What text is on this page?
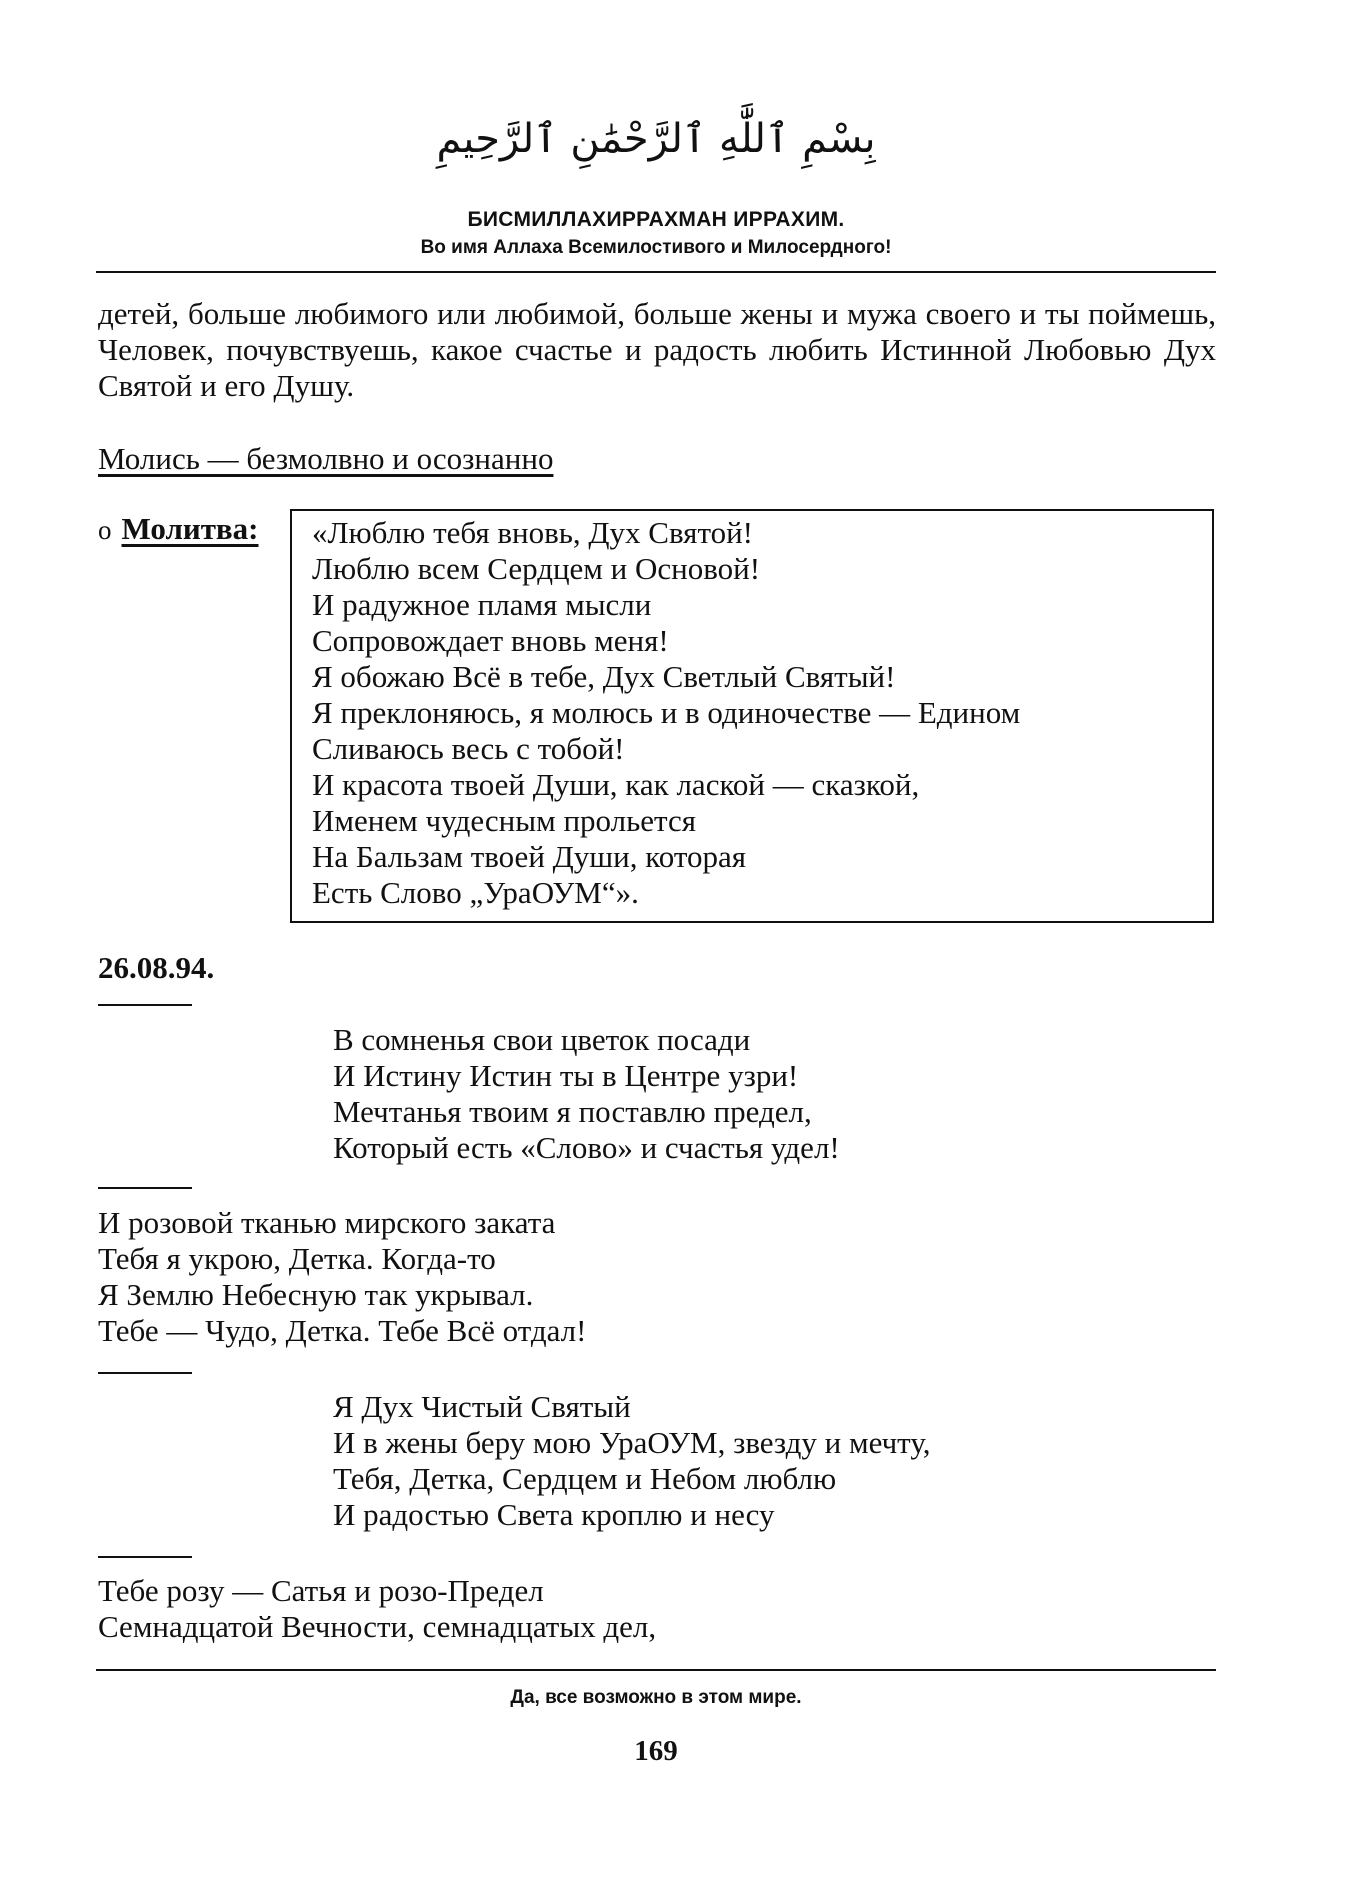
بِسْمِ ٱللَّٰهِ ٱلرَّحْمَٰنِ ٱلرَّحِيمِ
БИСМИЛЛАХИРРАХМАН ИРРАХИМ.
Во имя Аллаха Всемилостивого и Милосердного!
детей, больше любимого или любимой, больше жены и мужа своего и ты поймешь, Человек, почувствуешь, какое счастье и радость любить Истинной Любовью Дух Святой и его Душу.
Молись — безмолвно и осознанно
о Молитва: «Люблю тебя вновь, Дух Святой!
Люблю всем Сердцем и Основой!
И радужное пламя мысли
Сопровождает вновь меня!
Я обожаю Всё в тебе, Дух Светлый Святый!
Я преклоняюсь, я молюсь и в одиночестве — Едином
Сливаюсь весь с тобой!
И красота твоей Души, как лаской — сказкой,
Именем чудесным прольется
На Бальзам твоей Души, которая
Есть Слово „УраОУМ“».
26.08.94.
В сомненья свои цветок посади
И Истину Истин ты в Центре узри!
Мечтанья твоим я поставлю предел,
Который есть «Слово» и счастья удел!
И розовой тканью мирского заката
Тебя я укрою, Детка. Когда-то
Я Землю Небесную так укрывал.
Тебе — Чудо, Детка. Тебе Всё отдал!
Я Дух Чистый Святый
И в жены беру мою УраОУМ, звезду и мечту,
Тебя, Детка, Сердцем и Небом люблю
И радостью Света кроплю и несу
Тебе розу — Сатья и розо-Предел
Семнадцатой Вечности, семнадцатых дел,
Да, все возможно в этом мире.
169
